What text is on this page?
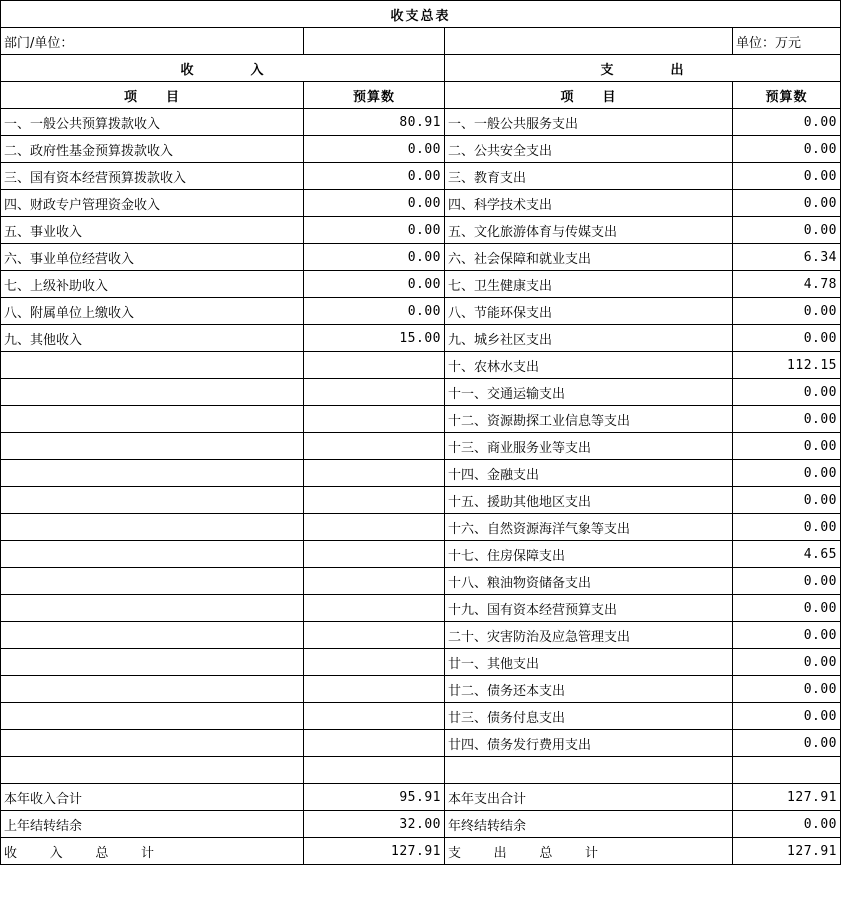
收支总表			
部门/单位：			单位：万元
收　　　　入		支　　　　出	
项　　目	预算数	项　　目	预算数
一、一般公共预算拨款收入	80.91	一、一般公共服务支出	0.00
二、政府性基金预算拨款收入	0.00	二、公共安全支出	0.00
三、国有资本经营预算拨款收入	0.00	三、教育支出	0.00
四、财政专户管理资金收入	0.00	四、科学技术支出	0.00
五、事业收入	0.00	五、文化旅游体育与传媒支出	0.00
六、事业单位经营收入	0.00	六、社会保障和就业支出	6.34
七、上级补助收入	0.00	七、卫生健康支出	4.78
八、附属单位上缴收入	0.00	八、节能环保支出	0.00
九、其他收入	15.00	九、城乡社区支出	0.00
		十、农林水支出	112.15
		十一、交通运输支出	0.00
		十二、资源勘探工业信息等支出	0.00
		十三、商业服务业等支出	0.00
		十四、金融支出	0.00
		十五、援助其他地区支出	0.00
		十六、自然资源海洋气象等支出	0.00
		十七、住房保障支出	4.65
		十八、粮油物资储备支出	0.00
		十九、国有资本经营预算支出	0.00
		二十、灾害防治及应急管理支出	0.00
		廿一、其他支出	0.00
		廿二、债务还本支出	0.00
		廿三、债务付息支出	0.00
		廿四、债务发行费用支出	0.00

本年收入合计	95.91	本年支出合计	127.91
上年结转结余	32.00	年终结转结余	0.00

收 入 总 计	127.91	支 出 总 计	127.91
